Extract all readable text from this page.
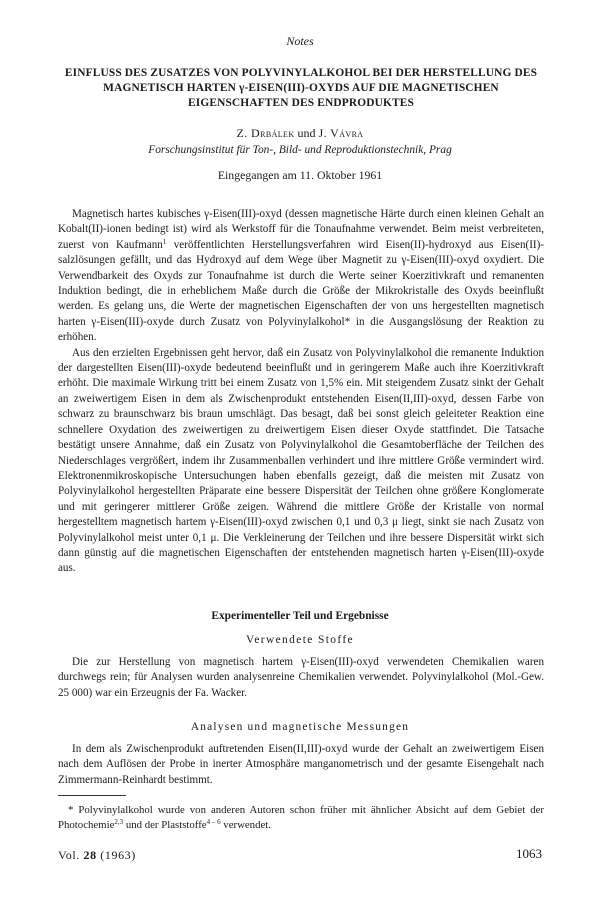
Notes
EINFLUSS DES ZUSATZES VON POLYVINYLALKOHOL BEI DER HERSTELLUNG DES MAGNETISCH HARTEN γ-EISEN(III)-OXYDS AUF DIE MAGNETISCHEN EIGENSCHAFTEN DES ENDPRODUKTES
Z. Drbálek und J. Vávra
Forschungsinstitut für Ton-, Bild- und Reproduktionstechnik, Prag
Eingegangen am 11. Oktober 1961

Magnetisch hartes kubisches γ-Eisen(III)-oxyd (dessen magnetische Härte durch einen kleinen Gehalt an Kobalt(II)-ionen bedingt ist) wird als Werkstoff für die Tonaufnahme verwendet. Beim meist verbreiteten, zuerst von Kaufmann$^1$ veröffentlichten Herstellungsverfahren wird Eisen(II)-hydroxyd aus Eisen(II)-salzlösungen gefällt, und das Hydroxyd auf dem Wege über Magnetit zu γ-Eisen(III)-oxyd oxydiert. Die Verwendbarkeit des Oxyds zur Tonaufnahme ist durch die Werte seiner Koerzitivkraft und remanenten Induktion bedingt, die in erheblichem Maße durch die Größe der Mikrokristalle des Oxyds beeinflußt werden. Es gelang uns, die Werte der magnetischen Eigenschaften der von uns hergestellten magnetisch harten γ-Eisen(III)-oxyde durch Zusatz von Polyvinylalkohol* in die Ausgangslösung der Reaktion zu erhöhen.

Aus den erzielten Ergebnissen geht hervor, daß ein Zusatz von Polyvinylalkohol die remanente Induktion der dargestellten Eisen(III)-oxyde bedeutend beeinflußt und in geringerem Maße auch ihre Koerzitivkraft erhöht. Die maximale Wirkung tritt bei einem Zusatz von 1,5% ein. Mit steigendem Zusatz sinkt der Gehalt an zweiwertigem Eisen in dem als Zwischenprodukt entstehenden Eisen(II,III)-oxyd, dessen Farbe von schwarz zu braunschwarz bis braun umschlägt. Das besagt, daß bei sonst gleich geleiteter Reaktion eine schnellere Oxydation des zweiwertigen zu dreiwertigem Eisen dieser Oxyde stattfindet. Die Tatsache bestätigt unsere Annahme, daß ein Zusatz von Polyvinylalkohol die Gesamtoberfläche der Teilchen des Niederschlages vergrößert, indem ihr Zusammenballen verhindert und ihre mittlere Größe vermindert wird. Elektronenmikroskopische Untersuchungen haben ebenfalls gezeigt, daß die meisten mit Zusatz von Polyvinylalkohol hergestellten Präparate eine bessere Dispersität der Teilchen ohne größere Konglomerate und mit geringerer mittlerer Größe zeigen. Während die mittlere Größe der Kristalle von normal hergestelltem magnetisch hartem γ-Eisen(III)-oxyd zwischen 0,1 und 0,3 μ liegt, sinkt sie nach Zusatz von Polyvinylalkohol meist unter 0,1 μ. Die Verkleinerung der Teilchen und ihre bessere Dispersität wirkt sich dann günstig auf die magnetischen Eigenschaften der entstehenden magnetisch harten γ-Eisen(III)-oxyde aus.

Experimenteller Teil und Ergebnisse
Verwendete Stoffe

Die zur Herstellung von magnetisch hartem γ-Eisen(III)-oxyd verwendeten Chemikalien waren durchwegs rein; für Analysen wurden analysenreine Chemikalien verwendet. Polyvinylalkohol (Mol.-Gew. 25 000) war ein Erzeugnis der Fa. Wacker.

Analysen und magnetische Messungen

In dem als Zwischenprodukt auftretenden Eisen(II,III)-oxyd wurde der Gehalt an zweiwertigem Eisen nach dem Auflösen der Probe in inerter Atmosphäre manganometrisch und der gesamte Eisengehalt nach Zimmermann-Reinhardt bestimmt.

* Polyvinylalkohol wurde von anderen Autoren schon früher mit ähnlicher Absicht auf dem Gebiet der Photochemie$^{2,3}$ und der Plaststoffe$^{4 - 6}$ verwendet.

Vol. 28 (1963)	1063
